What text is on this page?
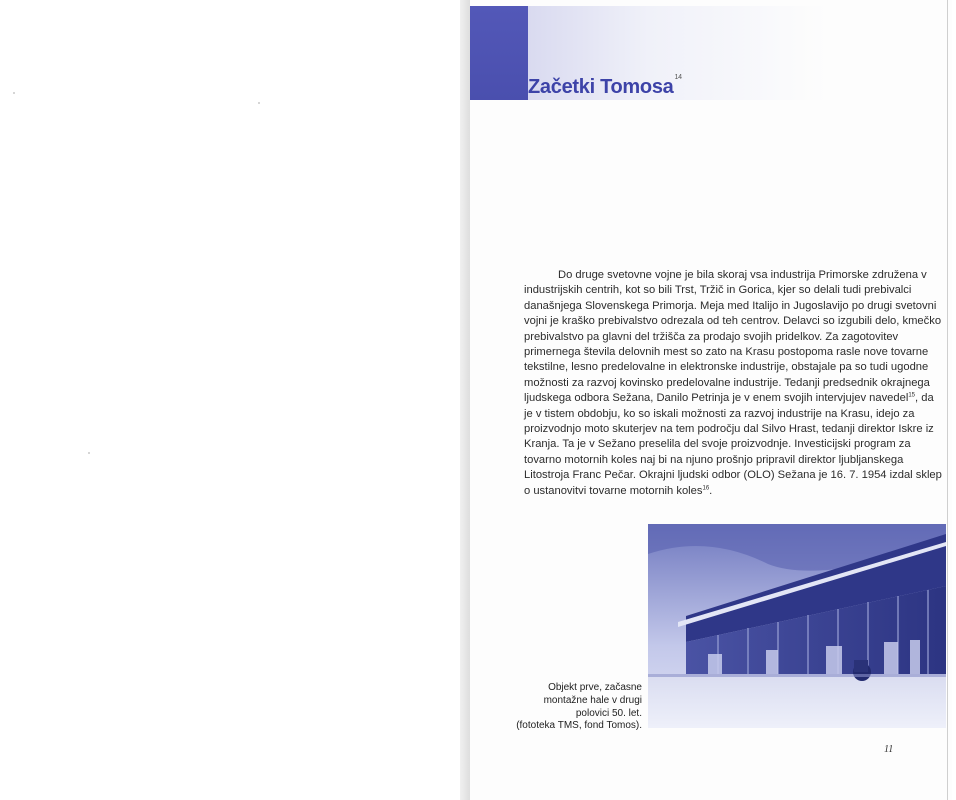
Začetki Tomosa$^{14}$

Do druge svetovne vojne je bila skoraj vsa industrija Primorske združena v industrijskih centrih, kot so bili Trst, Tržič in Gorica, kjer so delali tudi prebivalci današnjega Slovenskega Primorja. Meja med Italijo in Jugoslavijo po drugi svetovni vojni je kraško prebivalstvo odrezala od teh centrov. Delavci so izgubili delo, kmečko prebivalstvo pa glavni del tržišča za prodajo svojih pridelkov. Za zagotovitev primernega števila delovnih mest so zato na Krasu postopoma rasle nove tovarne tekstilne, lesno predelovalne in elektronske industrije, obstajale pa so tudi ugodne možnosti za razvoj kovinsko predelovalne industrije. Tedanji predsednik okrajnega ljudskega odbora Sežana, Danilo Petrinja je v enem svojih intervjujev navedel$^{15}$, da je v tistem obdobju, ko so iskali možnosti za razvoj industrije na Krasu, idejo za proizvodnjo moto skuterjev na tem področju dal Silvo Hrast, tedanji direktor Iskre iz Kranja. Ta je v Sežano preselila del svoje proizvodnje. Investicijski program za tovarno motornih koles naj bi na njuno prošnjo pripravil direktor ljubljanskega Litostroja Franc Pečar. Okrajni ljudski odbor (OLO) Sežana je 16. 7. 1954 izdal sklep o ustanovitvi tovarne motornih koles$^{16}$.

Objekt prve, začasne
montažne hale v drugi
polovici 50. let.
(fototeka TMS, fond Tomos).
11
